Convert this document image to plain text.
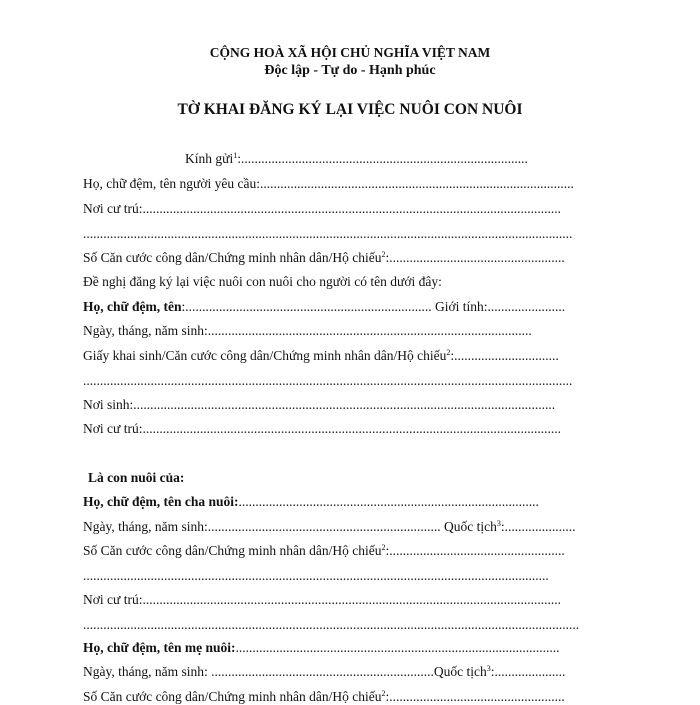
CỘNG HOÀ XÃ HỘI CHỦ NGHĨA VIỆT NAM
Độc lập - Tự do - Hạnh phúc
TỜ KHAI ĐĂNG KÝ LẠI VIỆC NUÔI CON NUÔI
Kính gửi$^1$:.....................................................................................
Họ, chữ đệm, tên người yêu cầu:.............................................................................................
Nơi cư trú:............................................................................................................................
.................................................................................................................................................
Số Căn cước công dân/Chứng minh nhân dân/Hộ chiếu$^2$:....................................................
Đề nghị đăng ký lại việc nuôi con nuôi cho người có tên dưới đây:
Họ, chữ đệm, tên:......................................................................... Giới tính:.......................
Ngày, tháng, năm sinh:................................................................................................
Giấy khai sinh/Căn cước công dân/Chứng minh nhân dân/Hộ chiếu$^2$:...............................
.................................................................................................................................................
Nơi sinh:.............................................................................................................................
Nơi cư trú:............................................................................................................................
Là con nuôi của:
Họ, chữ đệm, tên cha nuôi:.........................................................................................
Ngày, tháng, năm sinh:..................................................................... Quốc tịch$^3$:.....................
Số Căn cước công dân/Chứng minh nhân dân/Hộ chiếu$^2$:....................................................
..........................................................................................................................................
Nơi cư trú:............................................................................................................................
...................................................................................................................................................
Họ, chữ đệm, tên mẹ nuôi:................................................................................................
Ngày, tháng, năm sinh: ..................................................................Quốc tịch$^3$:.....................
Số Căn cước công dân/Chứng minh nhân dân/Hộ chiếu$^2$:....................................................
